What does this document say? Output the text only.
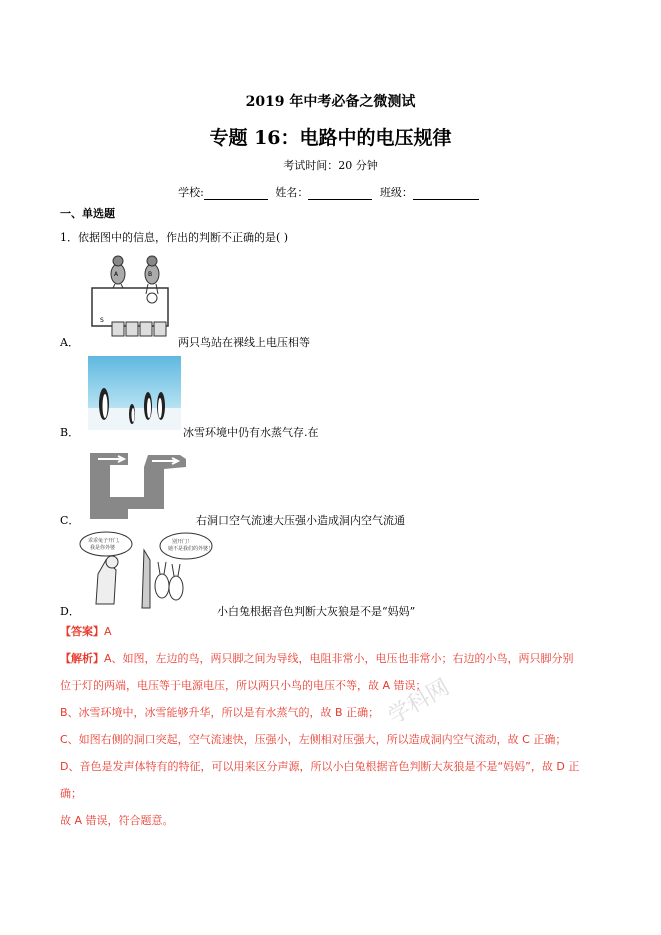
2019 年中考必备之微测试
专题 16：电路中的电压规律
考试时间：20 分钟
学校:	姓名：	班级：
一、单选题
1．依据图中的信息，作出的判断不正确的是( )
A	B
S
A．	两只鸟站在裸线上电压相等
B．	冰雪环境中仍有水蒸气存.在
C．	右洞口空气流速大压强小造成洞内空气流通
乖乖兔子开门，
我是你外婆
别开门！
她不是我们的外婆！
D．	小白兔根据音色判断大灰狼是不是“妈妈”
【答案】A
【解析】A、如图，左边的鸟，两只脚之间为导线，电阻非常小，电压也非常小；右边的小鸟，两只脚分别
位于灯的两端，电压等于电源电压，所以两只小鸟的电压不等，故 A 错误；
B、冰雪环境中，冰雪能够升华，所以是有水蒸气的，故 B 正确；
C、如图右侧的洞口突起，空气流速快，压强小，左侧相对压强大，所以造成洞内空气流动，故 C 正确；
D、音色是发声体特有的特征，可以用来区分声源，所以小白兔根据音色判断大灰狼是不是“妈妈”，故 D 正
确；
故 A 错误，符合题意。
学科网
